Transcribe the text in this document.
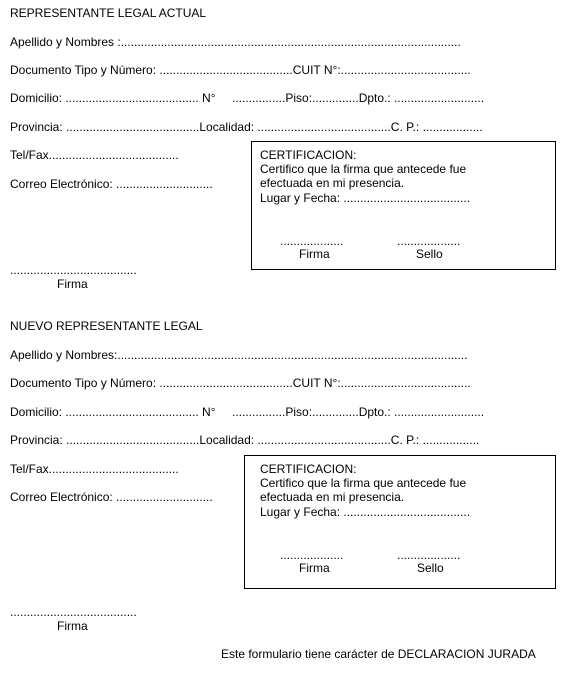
REPRESENTANTE LEGAL ACTUAL
Apellido y Nombres :......................................................................................................
Documento Tipo y Número: ........................................CUIT N°:.......................................
Domicilio: ........................................ N° ................Piso:..............Dpto.: ...........................
Provincia: ........................................Localidad: ........................................C. P.: ..................
Tel/Fax.......................................
Correo Electrónico: .............................
......................................
Firma
CERTIFICACION:
Certifico que la firma que antecede fue
efectuada en mi presencia.
Lugar y Fecha: ......................................
...................	...................
Firma	Sello
NUEVO REPRESENTANTE LEGAL
Apellido y Nombres:.........................................................................................................
Documento Tipo y Número: ........................................CUIT N°:.......................................
Domicilio: ........................................ N° ................Piso:..............Dpto.: ...........................
Provincia: ........................................Localidad: ........................................C. P.: .................
Tel/Fax.......................................
Correo Electrónico: .............................
......................................
Firma
CERTIFICACION:
Certifico que la firma que antecede fue
efectuada en mi presencia.
Lugar y Fecha: ......................................
...................	...................
Firma	Sello
Este formulario tiene carácter de DECLARACION JURADA
